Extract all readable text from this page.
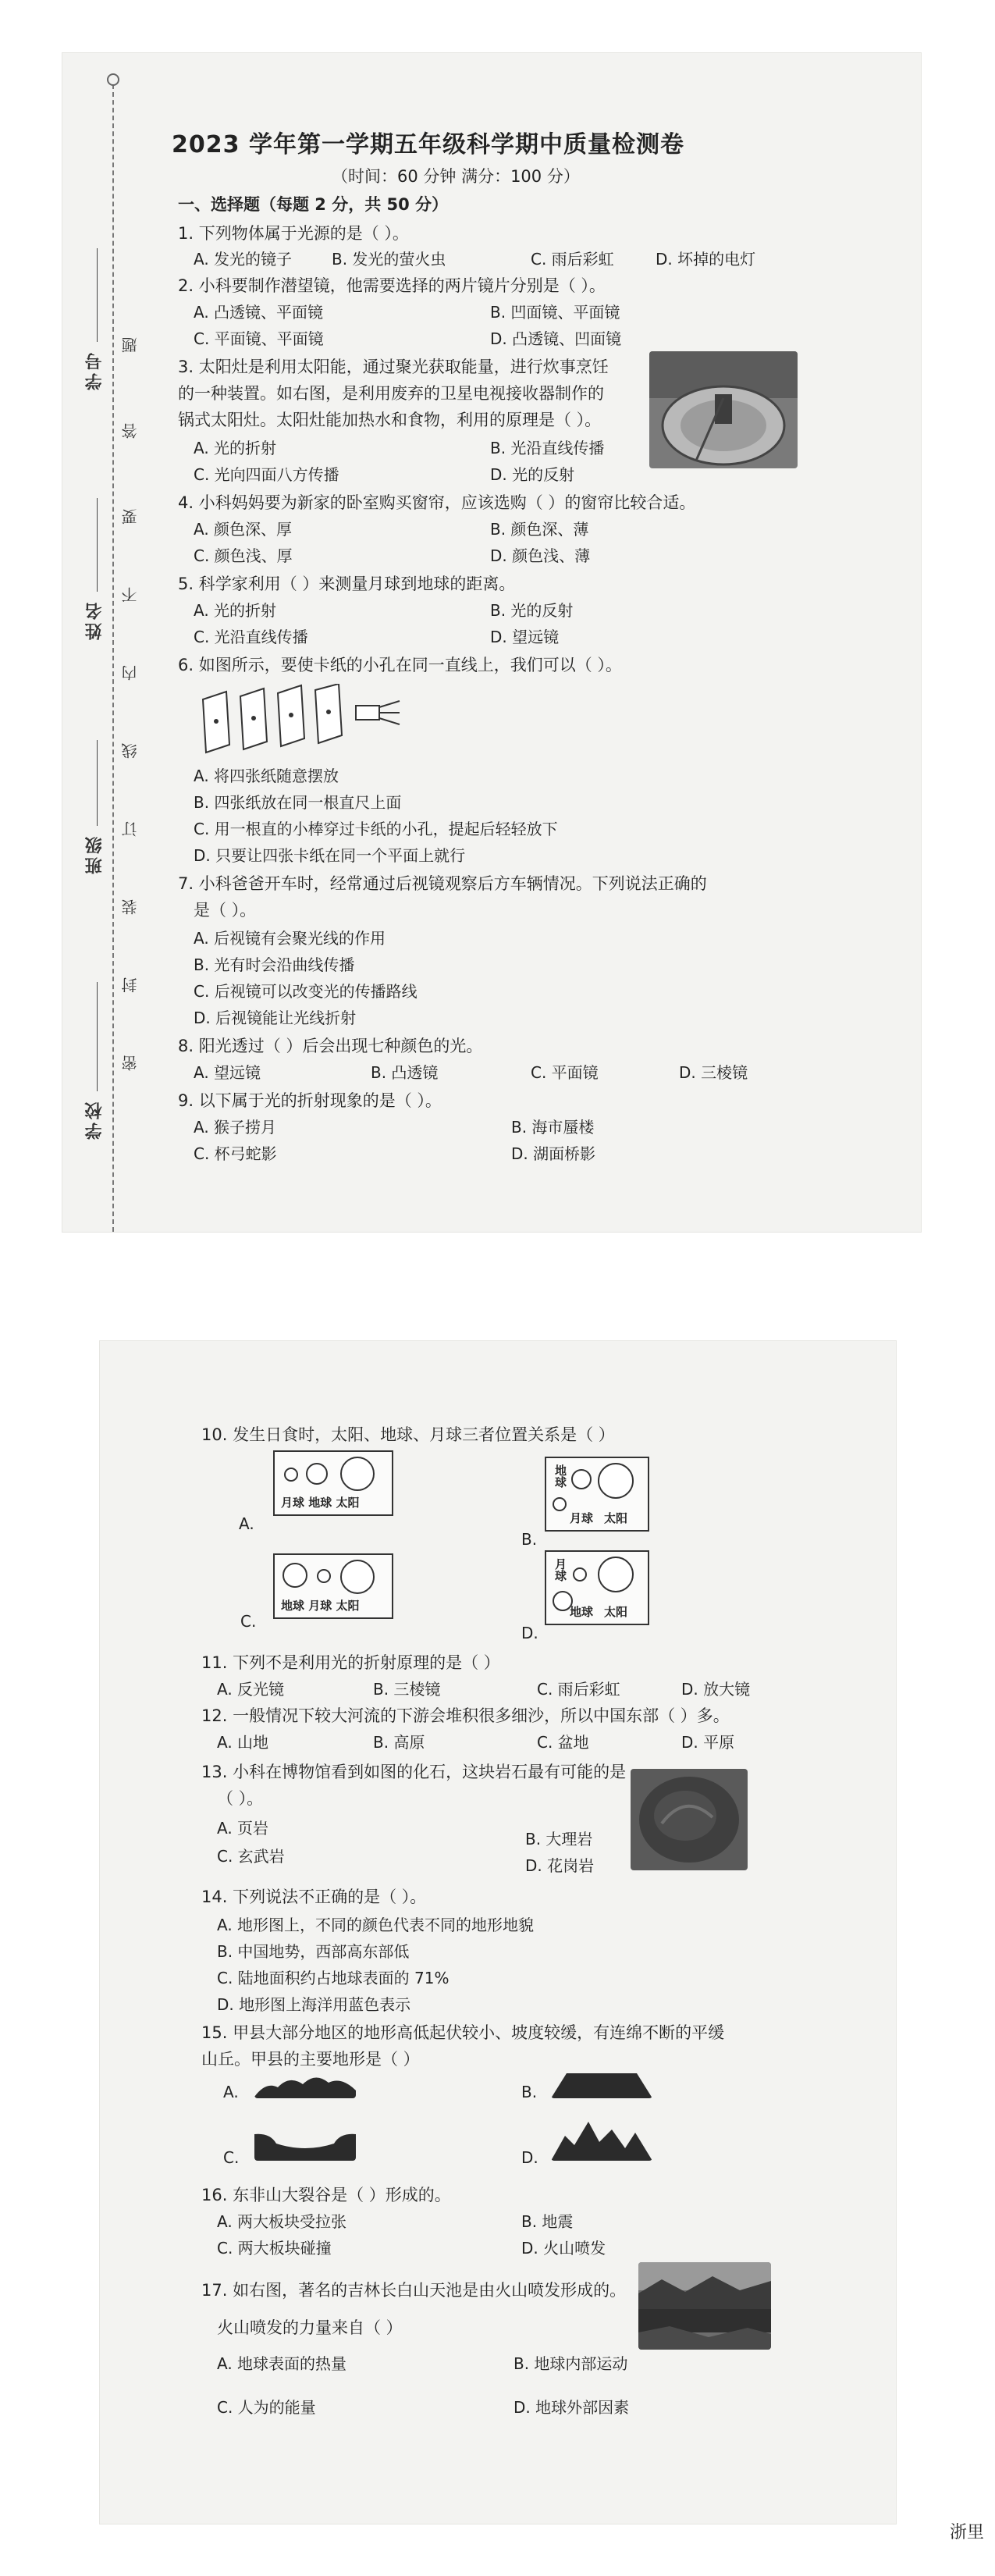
学号
姓名
班级
学校
题
答
要
不
内
线
订
装
封
密
2023 学年第一学期五年级科学期中质量检测卷
（时间：60 分钟 满分：100 分）
一、选择题（每题 2 分，共 50 分）
1. 下列物体属于光源的是（ ）。
A. 发光的镜子	B. 发光的萤火虫	C. 雨后彩虹	D. 坏掉的电灯
2. 小科要制作潜望镜，他需要选择的两片镜片分别是（ ）。
A. 凸透镜、平面镜	B. 凹面镜、平面镜
C. 平面镜、平面镜	D. 凸透镜、凹面镜
3. 太阳灶是利用太阳能，通过聚光获取能量，进行炊事烹饪
的一种装置。如右图，是利用废弃的卫星电视接收器制作的
锅式太阳灶。太阳灶能加热水和食物，利用的原理是（ ）。
A. 光的折射	B. 光沿直线传播
C. 光向四面八方传播	D. 光的反射
4. 小科妈妈要为新家的卧室购买窗帘，应该选购（ ）的窗帘比较合适。
A. 颜色深、厚	B. 颜色深、薄
C. 颜色浅、厚	D. 颜色浅、薄
5. 科学家利用（ ）来测量月球到地球的距离。
A. 光的折射	B. 光的反射
C. 光沿直线传播	D. 望远镜
6. 如图所示，要使卡纸的小孔在同一直线上，我们可以（ ）。
A. 将四张纸随意摆放
B. 四张纸放在同一根直尺上面
C. 用一根直的小棒穿过卡纸的小孔，提起后轻轻放下
D. 只要让四张卡纸在同一个平面上就行
7. 小科爸爸开车时，经常通过后视镜观察后方车辆情况。下列说法正确的
是（ ）。
A. 后视镜有会聚光线的作用
B. 光有时会沿曲线传播
C. 后视镜可以改变光的传播路线
D. 后视镜能让光线折射
8. 阳光透过（ ）后会出现七种颜色的光。
A. 望远镜	B. 凸透镜	C. 平面镜	D. 三棱镜
9. 以下属于光的折射现象的是（ ）。
A. 猴子捞月	B. 海市蜃楼
C. 杯弓蛇影	D. 湖面桥影
10. 发生日食时，太阳、地球、月球三者位置关系是（ ）
A.
月球 地球 太阳
B.
地球
月球 太阳
C.
地球 月球 太阳
D.
月球
地球 太阳
11. 下列不是利用光的折射原理的是（ ）
A. 反光镜	B. 三棱镜	C. 雨后彩虹	D. 放大镜
12. 一般情况下较大河流的下游会堆积很多细沙，所以中国东部（ ）多。
A. 山地	B. 高原	C. 盆地	D. 平原
13. 小科在博物馆看到如图的化石，这块岩石最有可能的是
（ ）。
A. 页岩
B. 大理岩
C. 玄武岩	D. 花岗岩
14. 下列说法不正确的是（ ）。
A. 地形图上，不同的颜色代表不同的地形地貌
B. 中国地势，西部高东部低
C. 陆地面积约占地球表面的 71%
D. 地形图上海洋用蓝色表示
15. 甲县大部分地区的地形高低起伏较小、坡度较缓，有连绵不断的平缓
山丘。甲县的主要地形是（ ）
A.	B.
C.	D.
16. 东非山大裂谷是（ ）形成的。
A. 两大板块受拉张	B. 地震
C. 两大板块碰撞	D. 火山喷发
17. 如右图，著名的吉林长白山天池是由火山喷发形成的。
火山喷发的力量来自（ ）
A. 地球表面的热量	B. 地球内部运动
C. 人为的能量	D. 地球外部因素
浙里
